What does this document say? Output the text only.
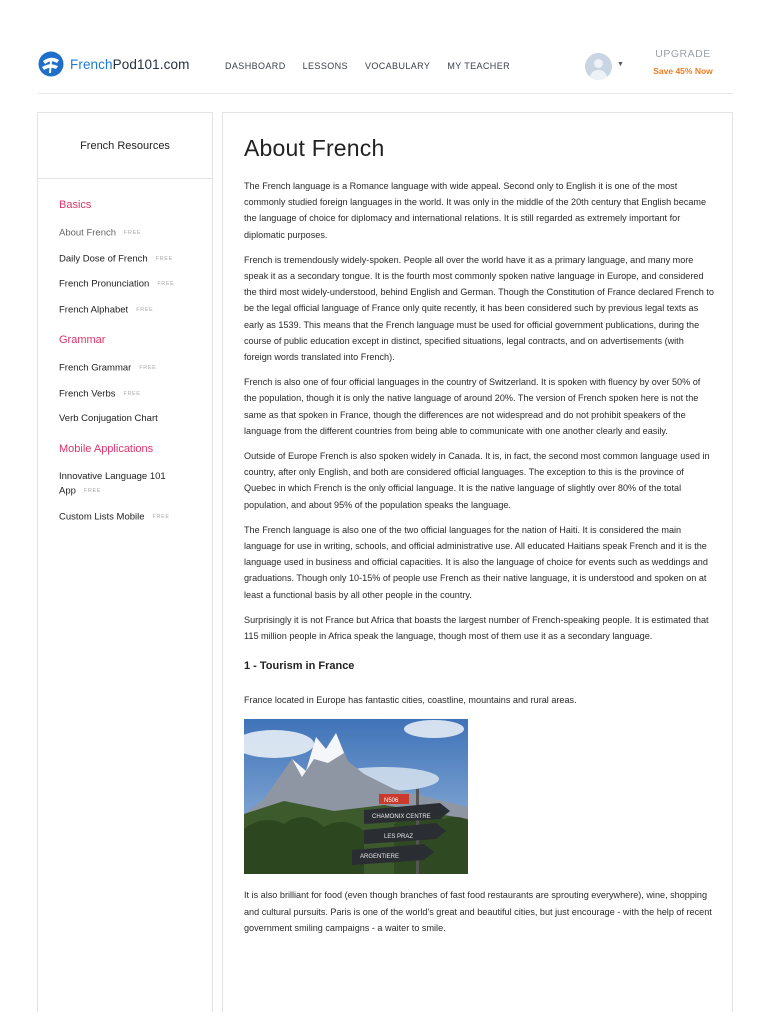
FrenchPod101.com	DASHBOARD LESSONS VOCABULARY MY TEACHER	▼
UPGRADE
Save 45% Now
French Resources
Basics
About French FREE
Daily Dose of French FREE
French Pronunciation FREE
French Alphabet FREE
Grammar
French Grammar FREE
French Verbs FREE
Verb Conjugation Chart
Mobile Applications
Innovative Language 101 App FREE
Custom Lists Mobile FREE
About French

The French language is a Romance language with wide appeal. Second only to English it is one of the most commonly studied foreign languages in the world. It was only in the middle of the 20th century that English became the language of choice for diplomacy and international relations. It is still regarded as extremely important for diplomatic purposes.

French is tremendously widely-spoken. People all over the world have it as a primary language, and many more speak it as a secondary tongue. It is the fourth most commonly spoken native language in Europe, and considered the third most widely-understood, behind English and German. Though the Constitution of France declared French to be the legal official language of France only quite recently, it has been considered such by previous legal texts as early as 1539. This means that the French language must be used for official government publications, during the course of public education except in distinct, specified situations, legal contracts, and on advertisements (with foreign words translated into French).

French is also one of four official languages in the country of Switzerland. It is spoken with fluency by over 50% of the population, though it is only the native language of around 20%. The version of French spoken here is not the same as that spoken in France, though the differences are not widespread and do not prohibit speakers of the language from the different countries from being able to communicate with one another clearly and easily.

Outside of Europe French is also spoken widely in Canada. It is, in fact, the second most common language used in country, after only English, and both are considered official languages. The exception to this is the province of Quebec in which French is the only official language. It is the native language of slightly over 80% of the total population, and about 95% of the population speaks the language.

The French language is also one of the two official languages for the nation of Haiti. It is considered the main language for use in writing, schools, and official administrative use. All educated Haitians speak French and it is the language used in business and official capacities. It is also the language of choice for events such as weddings and graduations. Though only 10-15% of people use French as their native language, it is understood and spoken on at least a functional basis by all other people in the country.

Surprisingly it is not France but Africa that boasts the largest number of French-speaking people. It is estimated that 115 million people in Africa speak the language, though most of them use it as a secondary language.

1 - Tourism in France

France located in Europe has fantastic cities, coastline, mountains and rural areas.

N506
CHAMONIX CENTRE
LES PRAZ
ARGENTIERE

It is also brilliant for food (even though branches of fast food restaurants are sprouting everywhere), wine, shopping and cultural pursuits. Paris is one of the world's great and beautiful cities, but just encourage - with the help of recent government smiling campaigns - a waiter to smile.
